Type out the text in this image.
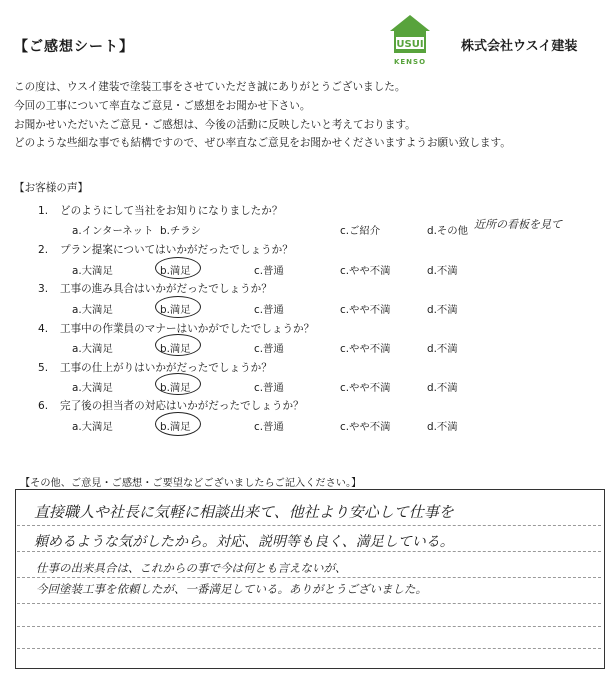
【ご感想シート】	USUI
KENSO
株式会社ウスイ建装
この度は、ウスイ建装で塗装工事をさせていただき誠にありがとうございました。
今回の工事について率直なご意見・ご感想をお聞かせ下さい。
お聞かせいただいたご意見・ご感想は、今後の活動に反映したいと考えております。
どのような些細な事でも結構ですので、ぜひ率直なご意見をお聞かせくださいますようお願い致します。
【お客様の声】
1. どのようにして当社をお知りになりましたか？
a.インターネット b.チラシ	c.ご紹介	d.その他 近所の看板を見て
2. プラン提案についてはいかがだったでしょうか？
a.大満足	b.満足	c.普通	c.やや不満	d.不満
3. 工事の進み具合はいかがだったでしょうか？
a.大満足	b.満足	c.普通	c.やや不満	d.不満
4. 工事中の作業員のマナーはいかがでしたでしょうか？
a.大満足	b.満足	c.普通	c.やや不満	d.不満
5. 工事の仕上がりはいかがだったでしょうか？
a.大満足	b.満足	c.普通	c.やや不満	d.不満
6. 完了後の担当者の対応はいかがだったでしょうか？
a.大満足	b.満足	c.普通	c.やや不満	d.不満
【その他、ご意見・ご感想・ご要望などございましたらご記入ください。】
直接職人や社長に気軽に相談出来て、他社より安心して仕事を
頼めるような気がしたから。対応、説明等も良く、満足している。
仕事の出来具合は、これからの事で今は何とも言えないが、
今回塗装工事を依頼したが、一番満足している。ありがとうございました。
